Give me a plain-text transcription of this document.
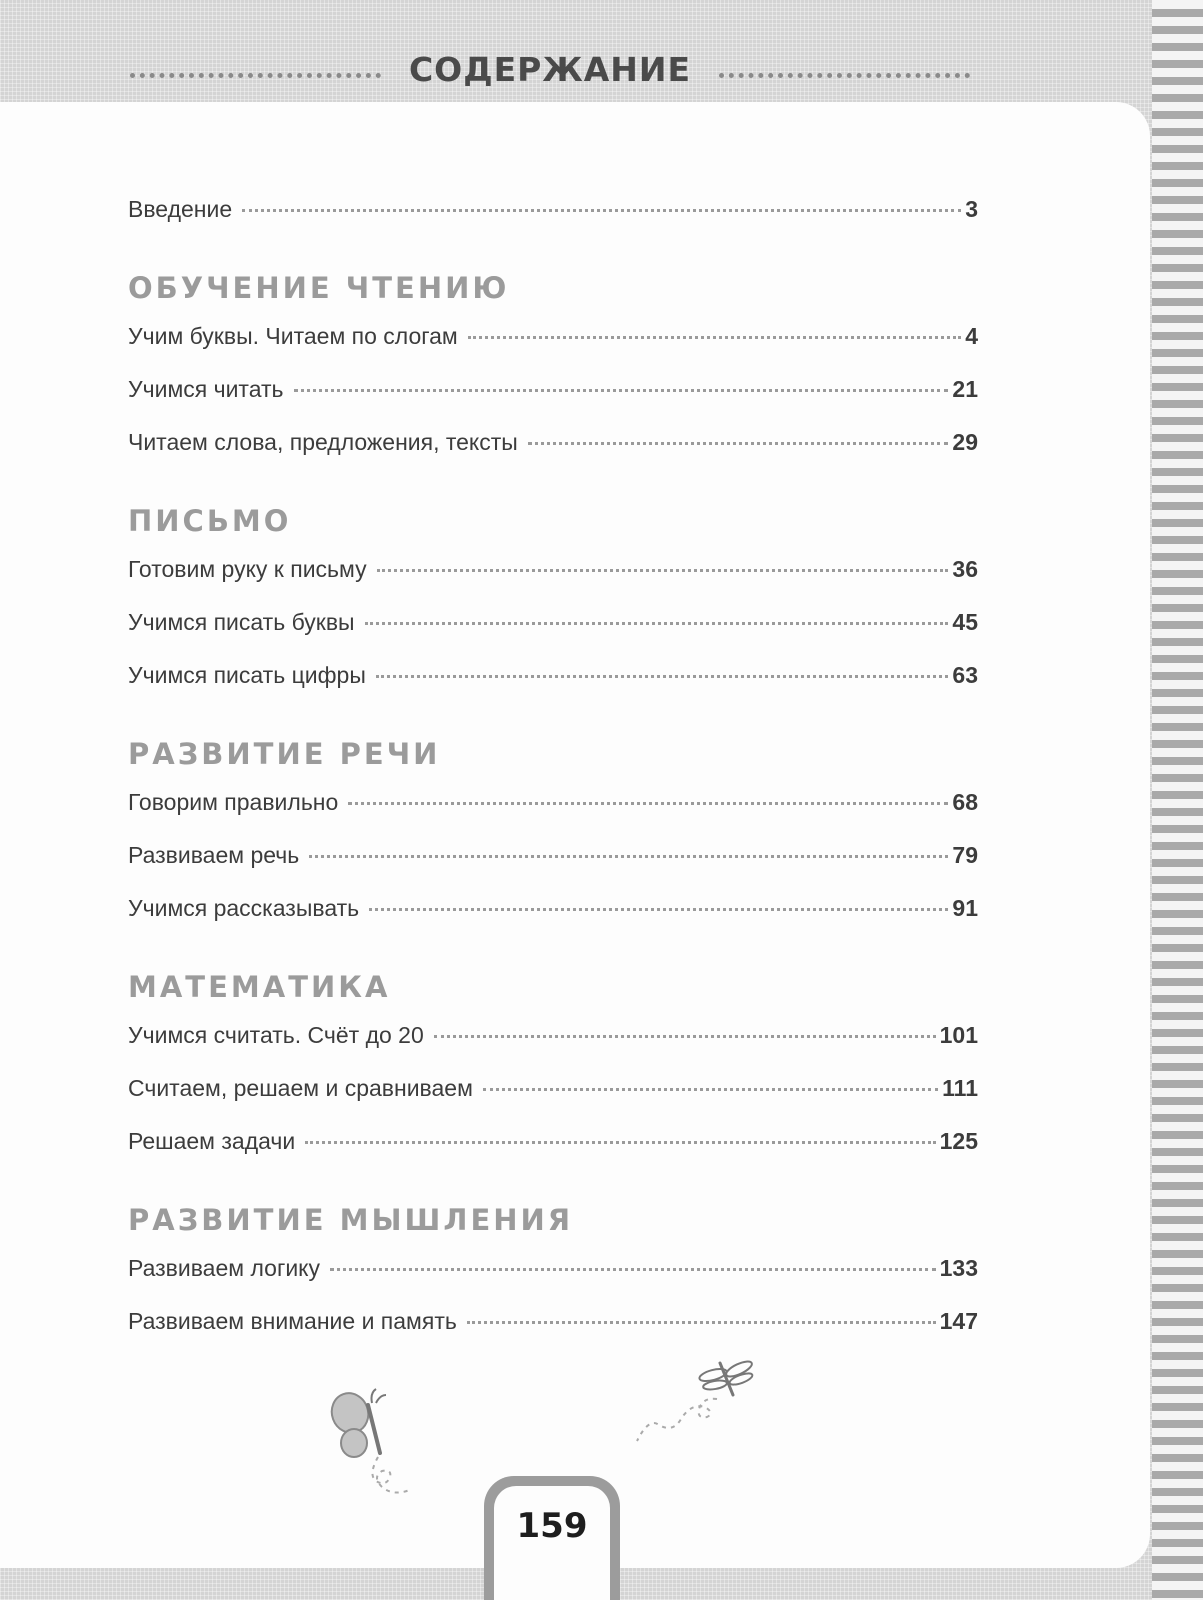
СОДЕРЖАНИЕ
Введение	3
ОБУЧЕНИЕ ЧТЕНИЮ
Учим буквы. Читаем по слогам	4
Учимся читать	21
Читаем слова, предложения, тексты	29
ПИСЬМО
Готовим руку к письму	36
Учимся писать буквы	45
Учимся писать цифры	63
РАЗВИТИЕ РЕЧИ
Говорим правильно	68
Развиваем речь	79
Учимся рассказывать	91
МАТЕМАТИКА
Учимся считать. Счёт до 20	101
Считаем, решаем и сравниваем	111
Решаем задачи	125
РАЗВИТИЕ МЫШЛЕНИЯ
Развиваем логику	133
Развиваем внимание и память	147
159
